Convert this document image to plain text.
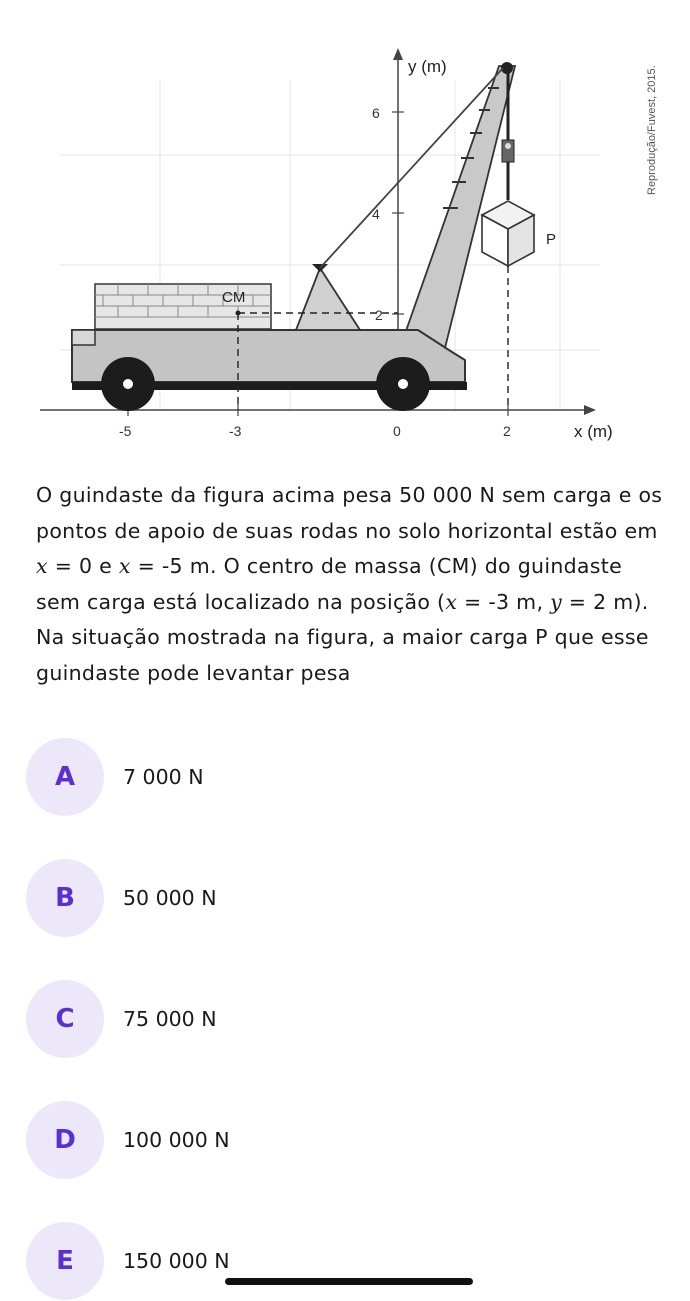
y (m)
x (m)
6
4
2
-5	-3	0	2
CM
P
Reprodução/Fuvest, 2015.

O guindaste da figura acima pesa 50 000 N sem carga e os pontos de apoio de suas rodas no solo horizontal estão em x = 0 e x = -5 m. O centro de massa (CM) do guindaste sem carga está localizado na posição (x = -3 m, y = 2 m). Na situação mostrada na figura, a maior carga P que esse guindaste pode levantar pesa

A	7 000 N
B	50 000 N
C	75 000 N
D	100 000 N
E	150 000 N
